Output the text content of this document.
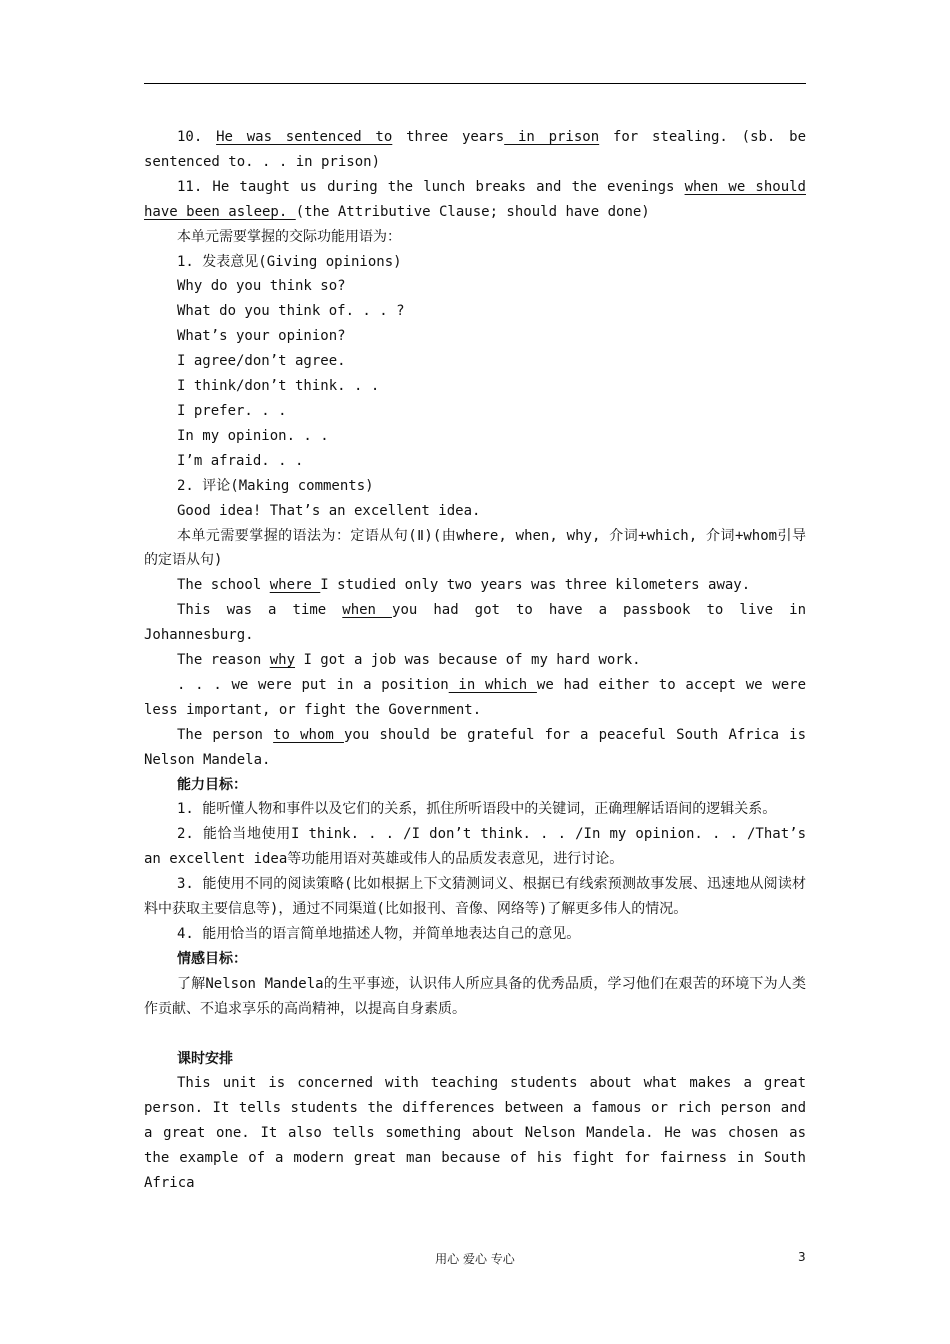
10. He was sentenced to three years in prison for stealing. (sb. be sentenced to. . . in prison)

11. He taught us during the lunch breaks and the evenings when we should have been asleep. (the Attributive Clause; should have done)

本单元需要掌握的交际功能用语为：

1. 发表意见(Giving opinions)

Why do you think so?

What do you think of. . . ?

What’s your opinion?

I agree/don’t agree.

I think/don’t think. . .

I prefer. . .

In my opinion. . .

I’m afraid. . .

2. 评论(Making comments)

Good idea! That’s an excellent idea.

本单元需要掌握的语法为：定语从句(Ⅱ)(由where, when, why, 介词+which, 介词+whom引导的定语从句)

The school where I studied only two years was three kilometers away.

This was a time when you had got to have a passbook to live in Johannesburg.

The reason why I got a job was because of my hard work.

. . . we were put in a position in which we had either to accept we were less important, or fight the Government.

The person to whom you should be grateful for a peaceful South Africa is Nelson Mandela.

能力目标：

1. 能听懂人物和事件以及它们的关系，抓住所听语段中的关键词，正确理解话语间的逻辑关系。

2. 能恰当地使用I think. . . /I don’t think. . . /In my opinion. . . /That’s an excellent idea等功能用语对英雄或伟人的品质发表意见，进行讨论。

3. 能使用不同的阅读策略(比如根据上下文猜测词义、根据已有线索预测故事发展、迅速地从阅读材料中获取主要信息等)，通过不同渠道(比如报刊、音像、网络等)了解更多伟人的情况。

4. 能用恰当的语言简单地描述人物，并简单地表达自己的意见。

情感目标：

了解Nelson Mandela的生平事迹，认识伟人所应具备的优秀品质，学习他们在艰苦的环境下为人类作贡献、不追求享乐的高尚精神，以提高自身素质。

课时安排

This unit is concerned with teaching students about what makes a great person. It tells students the differences between a famous or rich person and a great one. It also tells something about Nelson Mandela. He was chosen as the example of a modern great man because of his fight for fairness in South Africa

用心 爱心 专心	3
